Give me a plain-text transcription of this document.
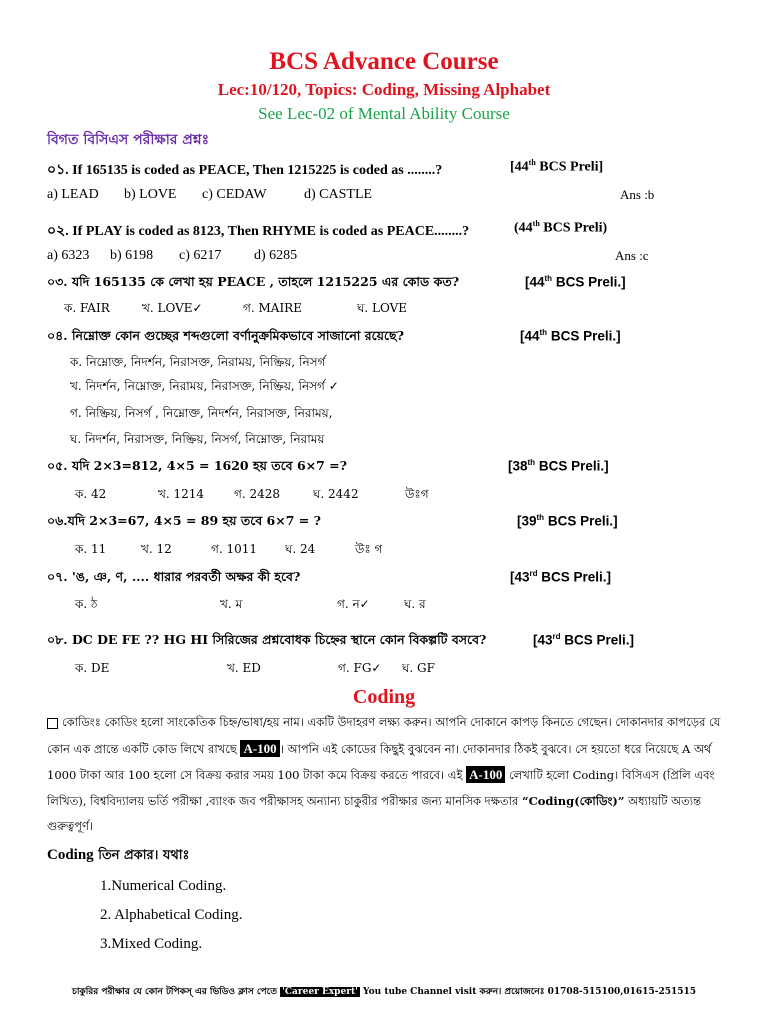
BCS Advance Course
Lec:10/120, Topics: Coding, Missing Alphabet
See Lec-02 of Mental Ability Course
বিগত বিসিএস পরীক্ষার প্রশ্নঃ
০১. If 165135 is coded as PEACE, Then 1215225 is coded as ........?	[44th BCS Preli]
a) LEAD b) LOVE c) CEDAW	d) CASTLE	Ans :b
০২. If PLAY is coded as 8123, Then RHYME is coded as PEACE........?	(44th BCS Preli)
a) 6323 b) 6198 c) 6217 d) 6285	Ans :c
০৩. যদি 165135 কে লেখা হয় PEACE , তাহলে 1215225 এর কোড কত?	[44th BCS Preli.]
ক. FAIR	খ. LOVE✓	গ. MAIRE	ঘ. LOVE
০৪. নিম্নোক্ত কোন গুচ্ছের শব্দগুলো বর্ণানুক্রমিকভাবে সাজানো রয়েছে?	[44th BCS Preli.]
ক. নিম্নোক্ত, নিদর্শন, নিরাসক্ত, নিরাময়, নিষ্ক্রিয়, নিসর্গ
খ. নিদর্শন, নিম্নোক্ত, নিরাময়, নিরাসক্ত, নিষ্ক্রিয়, নিসর্গ ✓
গ. নিষ্ক্রিয়, নিসর্গ , নিম্নোক্ত, নিদর্শন, নিরাসক্ত, নিরাময়,
ঘ. নিদর্শন, নিরাসক্ত, নিষ্ক্রিয়, নিসর্গ, নিম্নোক্ত, নিরাময়
০৫. যদি 2×3=812, 4×5 = 1620 হয় তবে 6×7 =?	[38th BCS Preli.]
ক. 42	খ. 1214 গ. 2428	ঘ. 2442	উঃগ
০৬.যদি 2×3=67, 4×5 = 89 হয় তবে 6×7 = ?	[39th BCS Preli.]
ক. 11	খ. 12	গ. 1011 ঘ. 24	উঃ গ
০৭. 'ঙ, ঞ, ণ, .... ধারার পরবর্তী অক্ষর কী হবে?	[43rd BCS Preli.]
ক. ঠ	খ. ম	গ. ন✓	ঘ. র
০৮. DC DE FE ?? HG HI সিরিজের প্রশ্নবোধক চিহ্নের স্থানে কোন বিকল্পটি বসবে?	[43rd BCS Preli.]
ক. DE	খ. ED	গ. FG✓ ঘ. GF
Coding
কোডিংঃ কোডিং হলো সাংকেতিক চিহ্ন/ভাষা/হয় নাম। একটি উদাহরণ লক্ষ্য করুন। আপনি দোকানে কাপড় কিনতে গেছেন। দোকানদার কাপড়ের যে কোন এক প্রান্তে একটি কোড লিখে রাখছে A-100 । আপনি এই কোডের কিছুই বুঝবেন না। দোকানদার ঠিকই বুঝবে। সে হয়তো ধরে নিয়েছে A অর্থ 1000 টাকা আর 100 হলো সে বিক্রয় করার সময় 100 টাকা কমে বিক্রয় করতে পারবে। এই A-100 লেখাটি হলো Coding। বিসিএস (প্রিলি এবং লিখিত), বিশ্ববিদ্যালয় ভর্তি পরীক্ষা ,ব্যাংক জব পরীক্ষাসহ অন্যান্য চাকুরীর পরীক্ষার জন্য মানসিক দক্ষতার “Coding(কোডিং)” অধ্যায়টি অত্যন্ত গুরুত্বপূর্ণ।
Coding তিন প্রকার। যথাঃ
1.Numerical Coding.
2. Alphabetical Coding.
3.Mixed Coding.
চাকুরির পরীক্ষার যে কোন টপিকস্ এর ভিডিও ক্লাস পেতে 'Career Expert' You tube Channel visit করুন। প্রয়োজনেঃ 01708-515100,01615-251515
